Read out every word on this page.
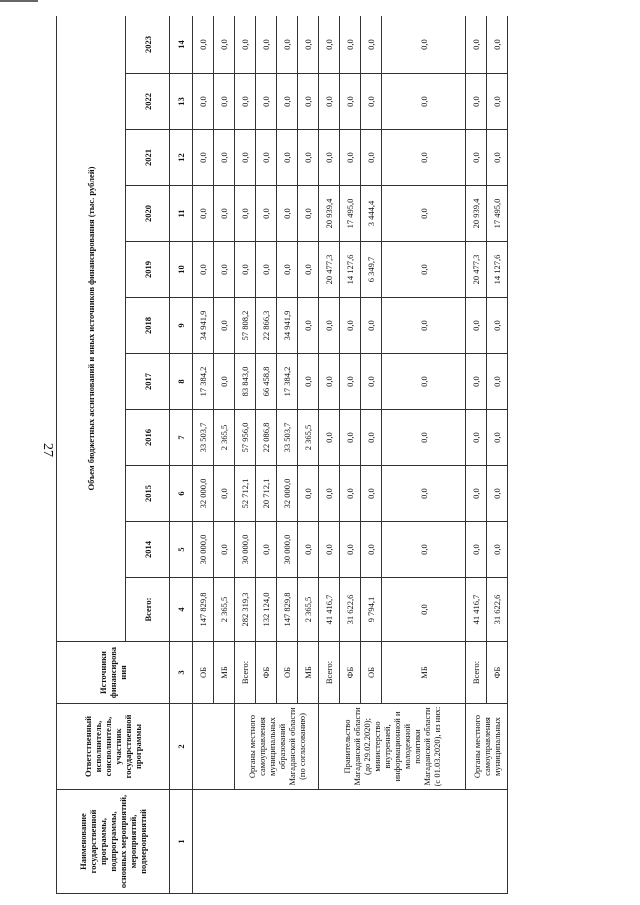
27
Наименование государственной программы, подпрограммы, основных мероприятий, мероприятий, подмероприятий	Ответственный исполнитель, соисполнитель, участник государственной программы	Источники финансирова ния	Объем бюджетных ассигнований и иных источников финансирования (тыс. рублей)										
			Всего:	2014	2015	2016	2017	2018	2019	2020	2021	2022	2023
1	2	3	4	5	6	7	8	9	10	11	12	13	14
		ОБ	147 829,8	30 000,0	32 000,0	33 503,7	17 384,2	34 941,9	0,0	0,0	0,0	0,0	0,0
		МБ	2 365,5	0,0	0,0	2 365,5	0,0	0,0	0,0	0,0	0,0	0,0	0,0
	Органы местного самоуправления муниципальных образований Магаданской области (по согласованию)	Всего:	282 319,3	30 000,0	52 712,1	57 956,0	83 843,0	57 808,2	0,0	0,0	0,0	0,0	0,0
		ФБ	132 124,0	0,0	20 712,1	22 086,8	66 458,8	22 866,3	0,0	0,0	0,0	0,0	0,0
		ОБ	147 829,8	30 000,0	32 000,0	33 503,7	17 384,2	34 941,9	0,0	0,0	0,0	0,0	0,0
		МБ	2 365,5	0,0	0,0	2 365,5	0,0	0,0	0,0	0,0	0,0	0,0	0,0
	Правительство Магаданской области (до 29.02.2020); министерство внутренней, информационной и молодежной политики Магаданской области (с 01.03.2020), из них:	Всего:	41 416,7	0,0	0,0	0,0	0,0	0,0	20 477,3	20 939,4	0,0	0,0	0,0
		ФБ	31 622,6	0,0	0,0	0,0	0,0	0,0	14 127,6	17 495,0	0,0	0,0	0,0
		ОБ	9 794,1	0,0	0,0	0,0	0,0	0,0	6 349,7	3 444,4	0,0	0,0	0,0
		МБ	0,0	0,0	0,0	0,0	0,0	0,0	0,0	0,0	0,0	0,0	0,0
	Органы местного самоуправления муниципальных	Всего:	41 416,7	0,0	0,0	0,0	0,0	0,0	20 477,3	20 939,4	0,0	0,0	0,0
		ФБ	31 622,6	0,0	0,0	0,0	0,0	0,0	14 127,6	17 495,0	0,0	0,0	0,0
